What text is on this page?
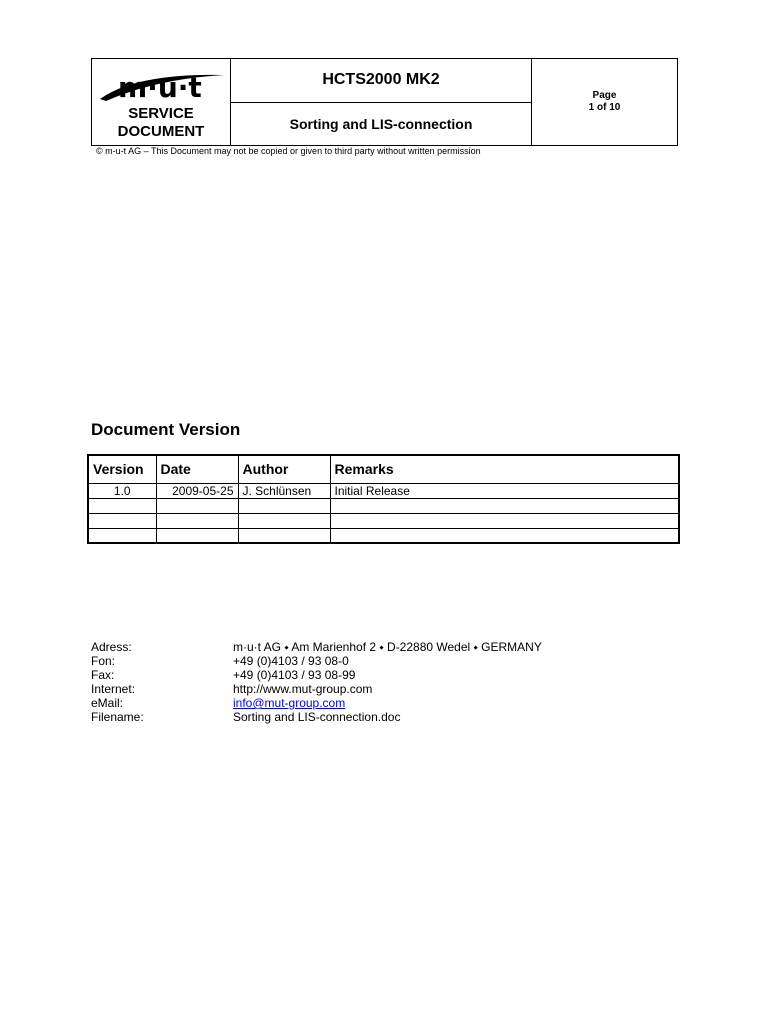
m·u·t
SERVICE
DOCUMENT
HCTS2000 MK2
Sorting and LIS-connection
Page
1 of 10
© m-u-t AG – This Document may not be copied or given to third party without written permission
Document Version
Version	Date	Author	Remarks
1.0	2009-05-25	J. Schlünsen	Initial Release

Adress:	m·u·t AG ⬩ Am Marienhof 2 ⬩ D-22880 Wedel ⬩ GERMANY
Fon:	+49 (0)4103 / 93 08-0
Fax:	+49 (0)4103 / 93 08-99
Internet:	http://www.mut-group.com
eMail:	info@mut-group.com
Filename:	Sorting and LIS-connection.doc
